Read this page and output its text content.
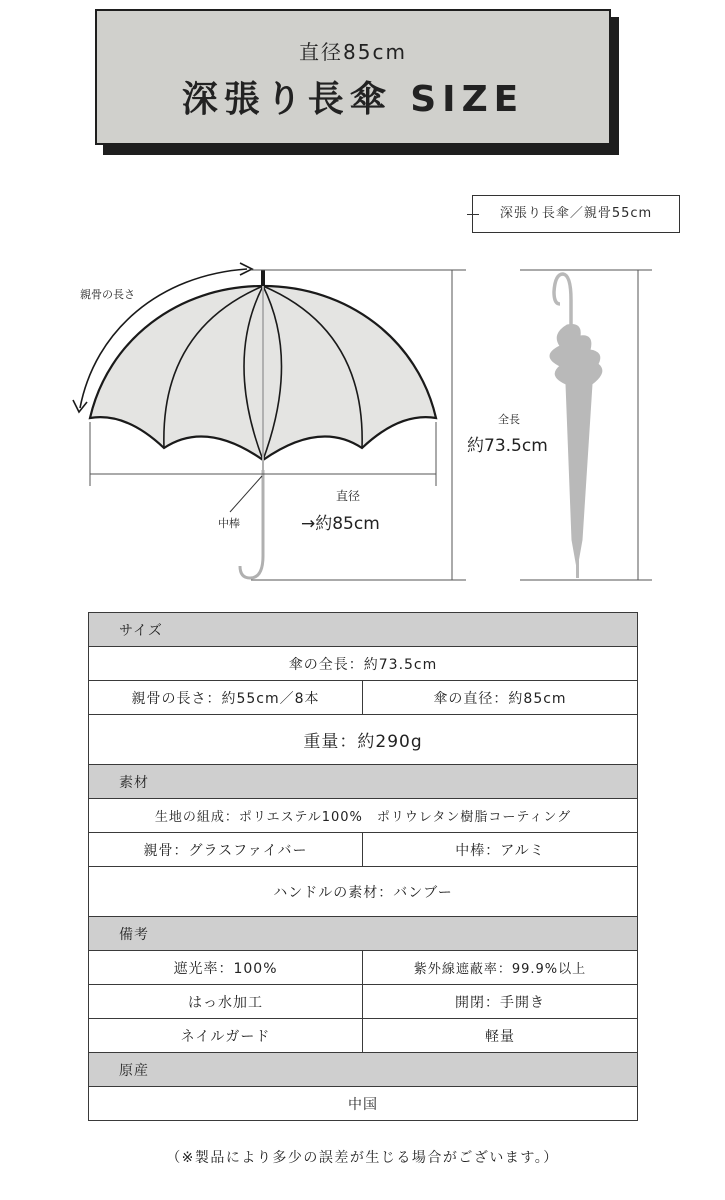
直径85cm
深張り長傘 SIZE
深張り長傘／親骨55cm
親骨の長さ
中棒
直径
→約85cm
全長
約73.5cm
サイズ	
傘の全長：約73.5cm	
親骨の長さ：約55cm／8本	傘の直径：約85cm
重量：約290g	
素材	
生地の組成：ポリエステル100%　ポリウレタン樹脂コーティング	
親骨：グラスファイバー	中棒：アルミ
ハンドルの素材：バンブー	
備考	
遮光率：100%	紫外線遮蔽率：99.9%以上
はっ水加工	開閉：手開き
ネイルガード	軽量
原産	
中国	
（※製品により多少の誤差が生じる場合がございます。）
